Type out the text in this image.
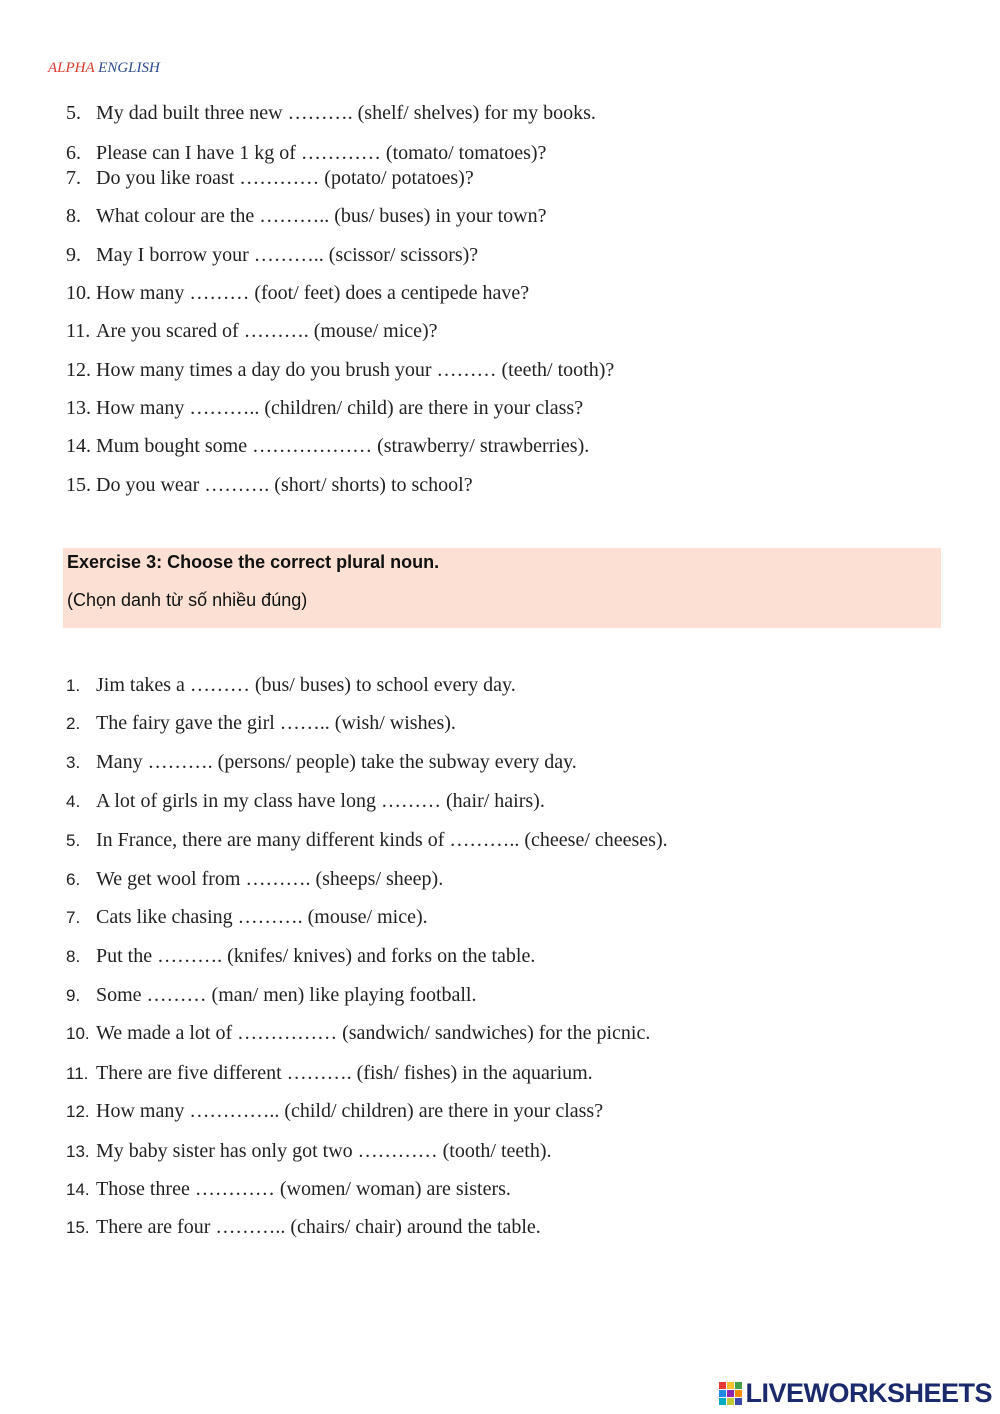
ALPHA ENGLISH
5. My dad built three new ………. (shelf/ shelves) for my books.
6. Please can I have 1 kg of ………… (tomato/ tomatoes)?
7. Do you like roast ………… (potato/ potatoes)?
8. What colour are the ……….. (bus/ buses) in your town?
9. May I borrow your ……….. (scissor/ scissors)?
10. How many ……… (foot/ feet) does a centipede have?
11. Are you scared of ………. (mouse/ mice)?
12. How many times a day do you brush your ……… (teeth/ tooth)?
13. How many ……….. (children/ child) are there in your class?
14. Mum bought some ……………… (strawberry/ strawberries).
15. Do you wear ………. (short/ shorts) to school?
Exercise 3: Choose the correct plural noun.
(Chọn danh từ số nhiều đúng)
1. Jim takes a ……… (bus/ buses) to school every day.
2. The fairy gave the girl …….. (wish/ wishes).
3. Many ………. (persons/ people) take the subway every day.
4. A lot of girls in my class have long ……… (hair/ hairs).
5. In France, there are many different kinds of ……….. (cheese/ cheeses).
6. We get wool from ………. (sheeps/ sheep).
7. Cats like chasing ………. (mouse/ mice).
8. Put the ………. (knifes/ knives) and forks on the table.
9. Some ……… (man/ men) like playing football.
10. We made a lot of …………… (sandwich/ sandwiches) for the picnic.
11. There are five different ………. (fish/ fishes) in the aquarium.
12. How many ………….. (child/ children) are there in your class?
13. My baby sister has only got two ………… (tooth/ teeth).
14. Those three ………… (women/ woman) are sisters.
15. There are four ……….. (chairs/ chair) around the table.
LIVEWORKSHEETS
